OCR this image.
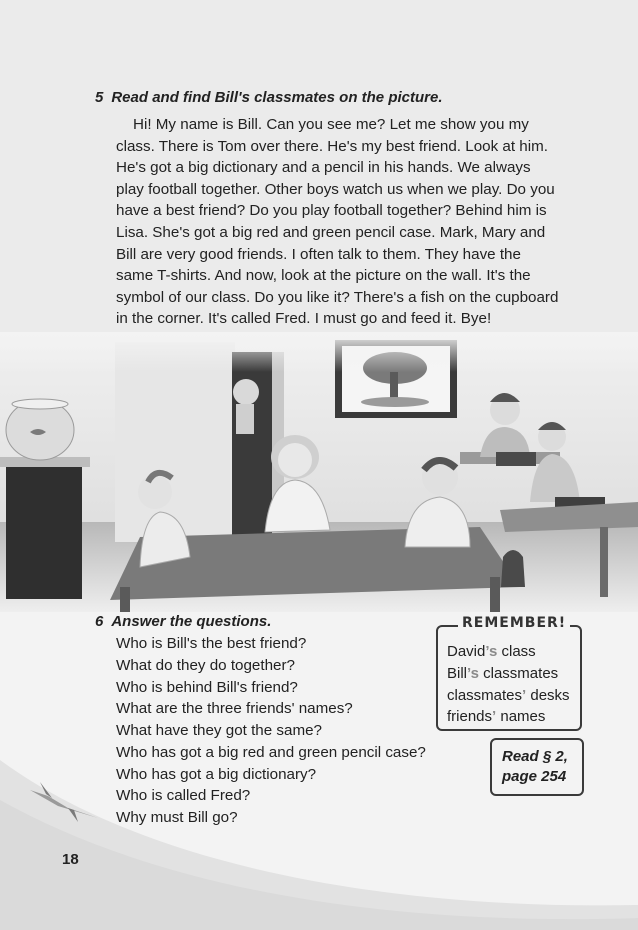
5 Read and find Bill's classmates on the picture.
Hi! My name is Bill. Can you see me? Let me show you my
class. There is Tom over there. He's my best friend. Look at him.
He's got a big dictionary and a pencil in his hands. We always
play football together. Other boys watch us when we play. Do you
have a best friend? Do you play football together? Behind him is
Lisa. She's got a big red and green pencil case. Mark, Mary and
Bill are very good friends. I often talk to them. They have the
same T-shirts. And now, look at the picture on the wall. It's the
symbol of our class. Do you like it? There's a fish on the cupboard
in the corner. It's called Fred. I must go and feed it. Bye!
6 Answer the questions.
Who is Bill's the best friend?
What do they do together?
Who is behind Bill's friend?
What are the three friends' names?
What have they got the same?
Who has got a big red and green pencil case?
Who has got a big dictionary?
Who is called Fred?
Why must Bill go?
REMEMBER!
David’s class
Bill’s classmates
classmates’ desks
friends’ names
Read § 2,
page 254
18
